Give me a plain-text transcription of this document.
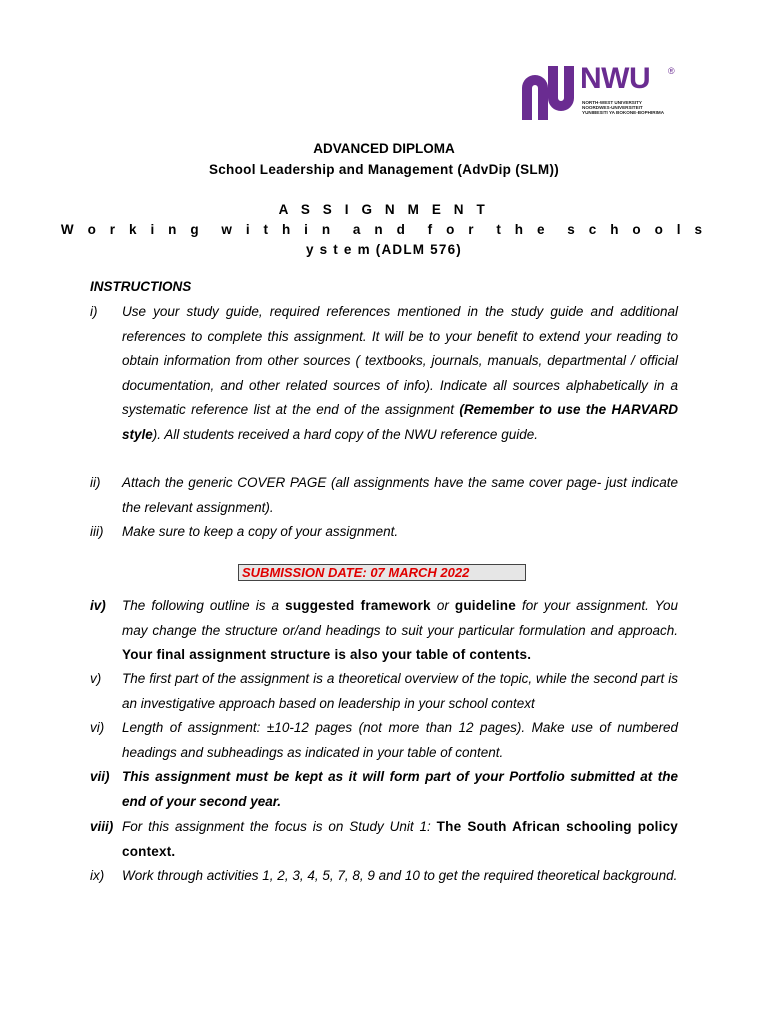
NWU ®
NORTH-WEST UNIVERSITY
NOORDWES-UNIVERSITEIT
YUNIBESITI YA BOKONE-BOPHIRIMA
ADVANCED DIPLOMA
School Leadership and Management (AdvDip (SLM))
A S S I G N M E N T
W o r k i n g  w i t h i n  a n d  f o r  t h e  s c h o o l s
y s t e m (ADLM 576)
INSTRUCTIONS
i) Use your study guide, required references mentioned in the study guide and additional references to complete this assignment. It will be to your benefit to extend your reading to obtain information from other sources ( textbooks, journals, manuals, departmental / official documentation, and other related sources of info). Indicate all sources alphabetically in a systematic reference list at the end of the assignment (Remember to use the HARVARD style). All students received a hard copy of the NWU reference guide.
ii) Attach the generic COVER PAGE (all assignments have the same cover page- just indicate the relevant assignment).
iii) Make sure to keep a copy of your assignment.
SUBMISSION DATE: 07 MARCH 2022
iv) The following outline is a suggested framework or guideline for your assignment. You may change the structure or/and headings to suit your particular formulation and approach. Your final assignment structure is also your table of contents.
v) The first part of the assignment is a theoretical overview of the topic, while the second part is an investigative approach based on leadership in your school context
vi) Length of assignment: ±10-12 pages (not more than 12 pages). Make use of numbered headings and subheadings as indicated in your table of content.
vii) This assignment must be kept as it will form part of your Portfolio submitted at the end of your second year.
viii) For this assignment the focus is on Study Unit 1: The South African schooling policy context.
ix) Work through activities 1, 2, 3, 4, 5, 7, 8, 9 and 10 to get the required theoretical background.
